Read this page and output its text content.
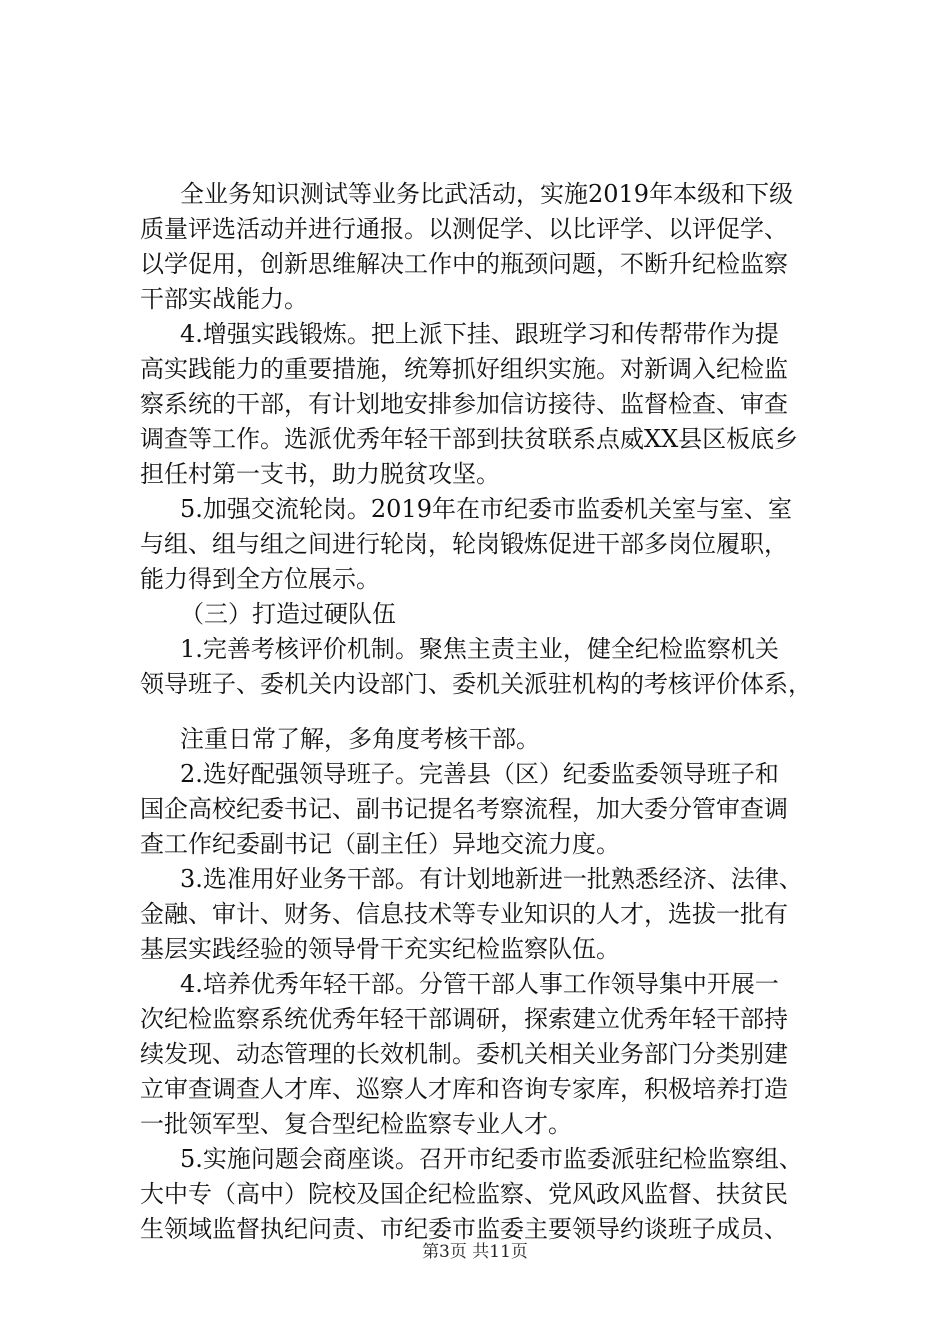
全业务知识测试等业务比武活动，实施2019年本级和下级
质量评选活动并进行通报。以测促学、以比评学、以评促学、
以学促用，创新思维解决工作中的瓶颈问题，不断升纪检监察
干部实战能力。
4.增强实践锻炼。把上派下挂、跟班学习和传帮带作为提
高实践能力的重要措施，统筹抓好组织实施。对新调入纪检监
察系统的干部，有计划地安排参加信访接待、监督检查、审查
调查等工作。选派优秀年轻干部到扶贫联系点威XX县区板底乡
担任村第一支书，助力脱贫攻坚。
5.加强交流轮岗。2019年在市纪委市监委机关室与室、室
与组、组与组之间进行轮岗，轮岗锻炼促进干部多岗位履职，
能力得到全方位展示。
（三）打造过硬队伍
1.完善考核评价机制。聚焦主责主业，健全纪检监察机关
领导班子、委机关内设部门、委机关派驻机构的考核评价体系，
注重日常了解，多角度考核干部。
2.选好配强领导班子。完善县（区）纪委监委领导班子和
国企高校纪委书记、副书记提名考察流程，加大委分管审查调
查工作纪委副书记（副主任）异地交流力度。
3.选准用好业务干部。有计划地新进一批熟悉经济、法律、
金融、审计、财务、信息技术等专业知识的人才，选拔一批有
基层实践经验的领导骨干充实纪检监察队伍。
4.培养优秀年轻干部。分管干部人事工作领导集中开展一
次纪检监察系统优秀年轻干部调研，探索建立优秀年轻干部持
续发现、动态管理的长效机制。委机关相关业务部门分类别建
立审查调查人才库、巡察人才库和咨询专家库，积极培养打造
一批领军型、复合型纪检监察专业人才。
5.实施问题会商座谈。召开市纪委市监委派驻纪检监察组、
大中专（高中）院校及国企纪检监察、党风政风监督、扶贫民
生领域监督执纪问责、市纪委市监委主要领导约谈班子成员、
第3页 共11页
